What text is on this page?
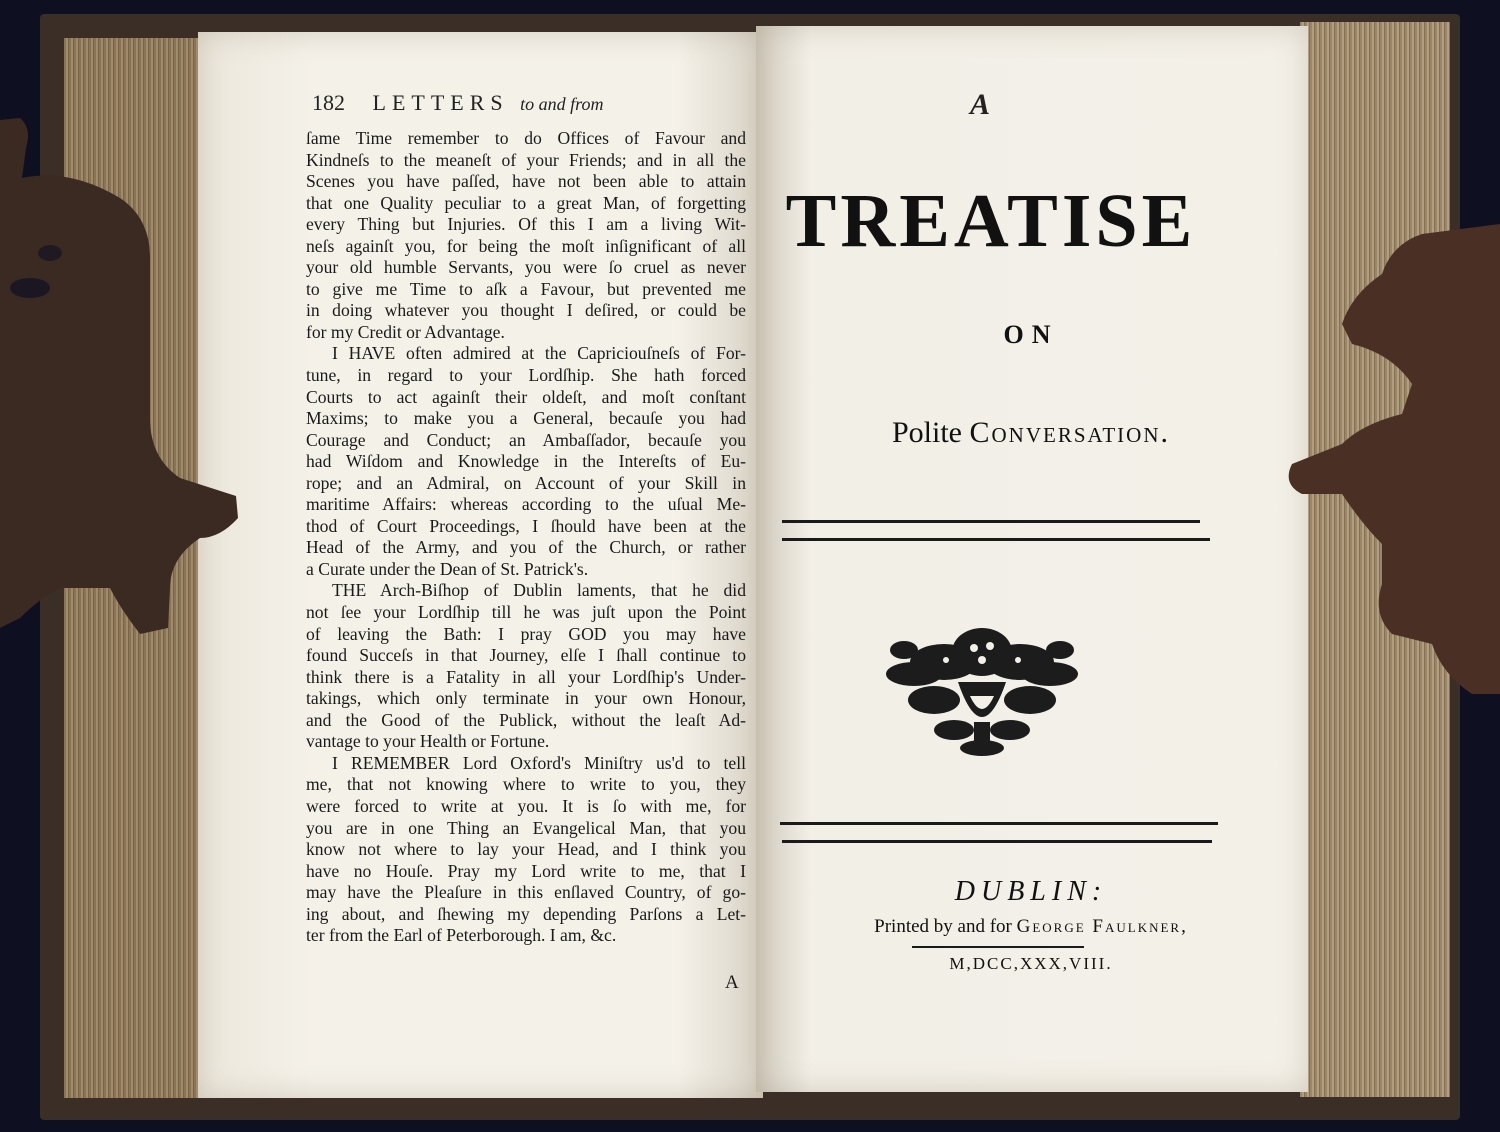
182 LETTERS to and from
ſame Time remember to do Offices of Favour and
Kindneſs to the meaneſt of your Friends; and in all the
Scenes you have paſſed, have not been able to attain
that one Quality peculiar to a great Man, of forgetting
every Thing but Injuries. Of this I am a living Wit-
neſs againſt you, for being the moſt inſignificant of all
your old humble Servants, you were ſo cruel as never
to give me Time to aſk a Favour, but prevented me
in doing whatever you thought I deſired, or could be
for my Credit or Advantage.
I HAVE often admired at the Capriciouſneſs of For-
tune, in regard to your Lordſhip. She hath forced
Courts to act againſt their oldeſt, and moſt conſtant
Maxims; to make you a General, becauſe you had
Courage and Conduct; an Ambaſſador, becauſe you
had Wiſdom and Knowledge in the Intereſts of Eu-
rope; and an Admiral, on Account of your Skill in
maritime Affairs: whereas according to the uſual Me-
thod of Court Proceedings, I ſhould have been at the
Head of the Army, and you of the Church, or rather
a Curate under the Dean of St. Patrick's.
THE Arch-Biſhop of Dublin laments, that he did
not ſee your Lordſhip till he was juſt upon the Point
of leaving the Bath: I pray GOD you may have
found Succeſs in that Journey, elſe I ſhall continue to
think there is a Fatality in all your Lordſhip's Under-
takings, which only terminate in your own Honour,
and the Good of the Publick, without the leaſt Ad-
vantage to your Health or Fortune.
I REMEMBER Lord Oxford's Miniſtry us'd to tell
me, that not knowing where to write to you, they
were forced to write at you. It is ſo with me, for
you are in one Thing an Evangelical Man, that you
know not where to lay your Head, and I think you
have no Houſe. Pray my Lord write to me, that I
may have the Pleaſure in this enſlaved Country, of go-
ing about, and ſhewing my depending Parſons a Let-
ter from the Earl of Peterborough. I am, &c.
A
A
TREATISE
ON
Polite Conversation.
DUBLIN:
Printed by and for George Faulkner,
M,DCC,XXX,VIII.
